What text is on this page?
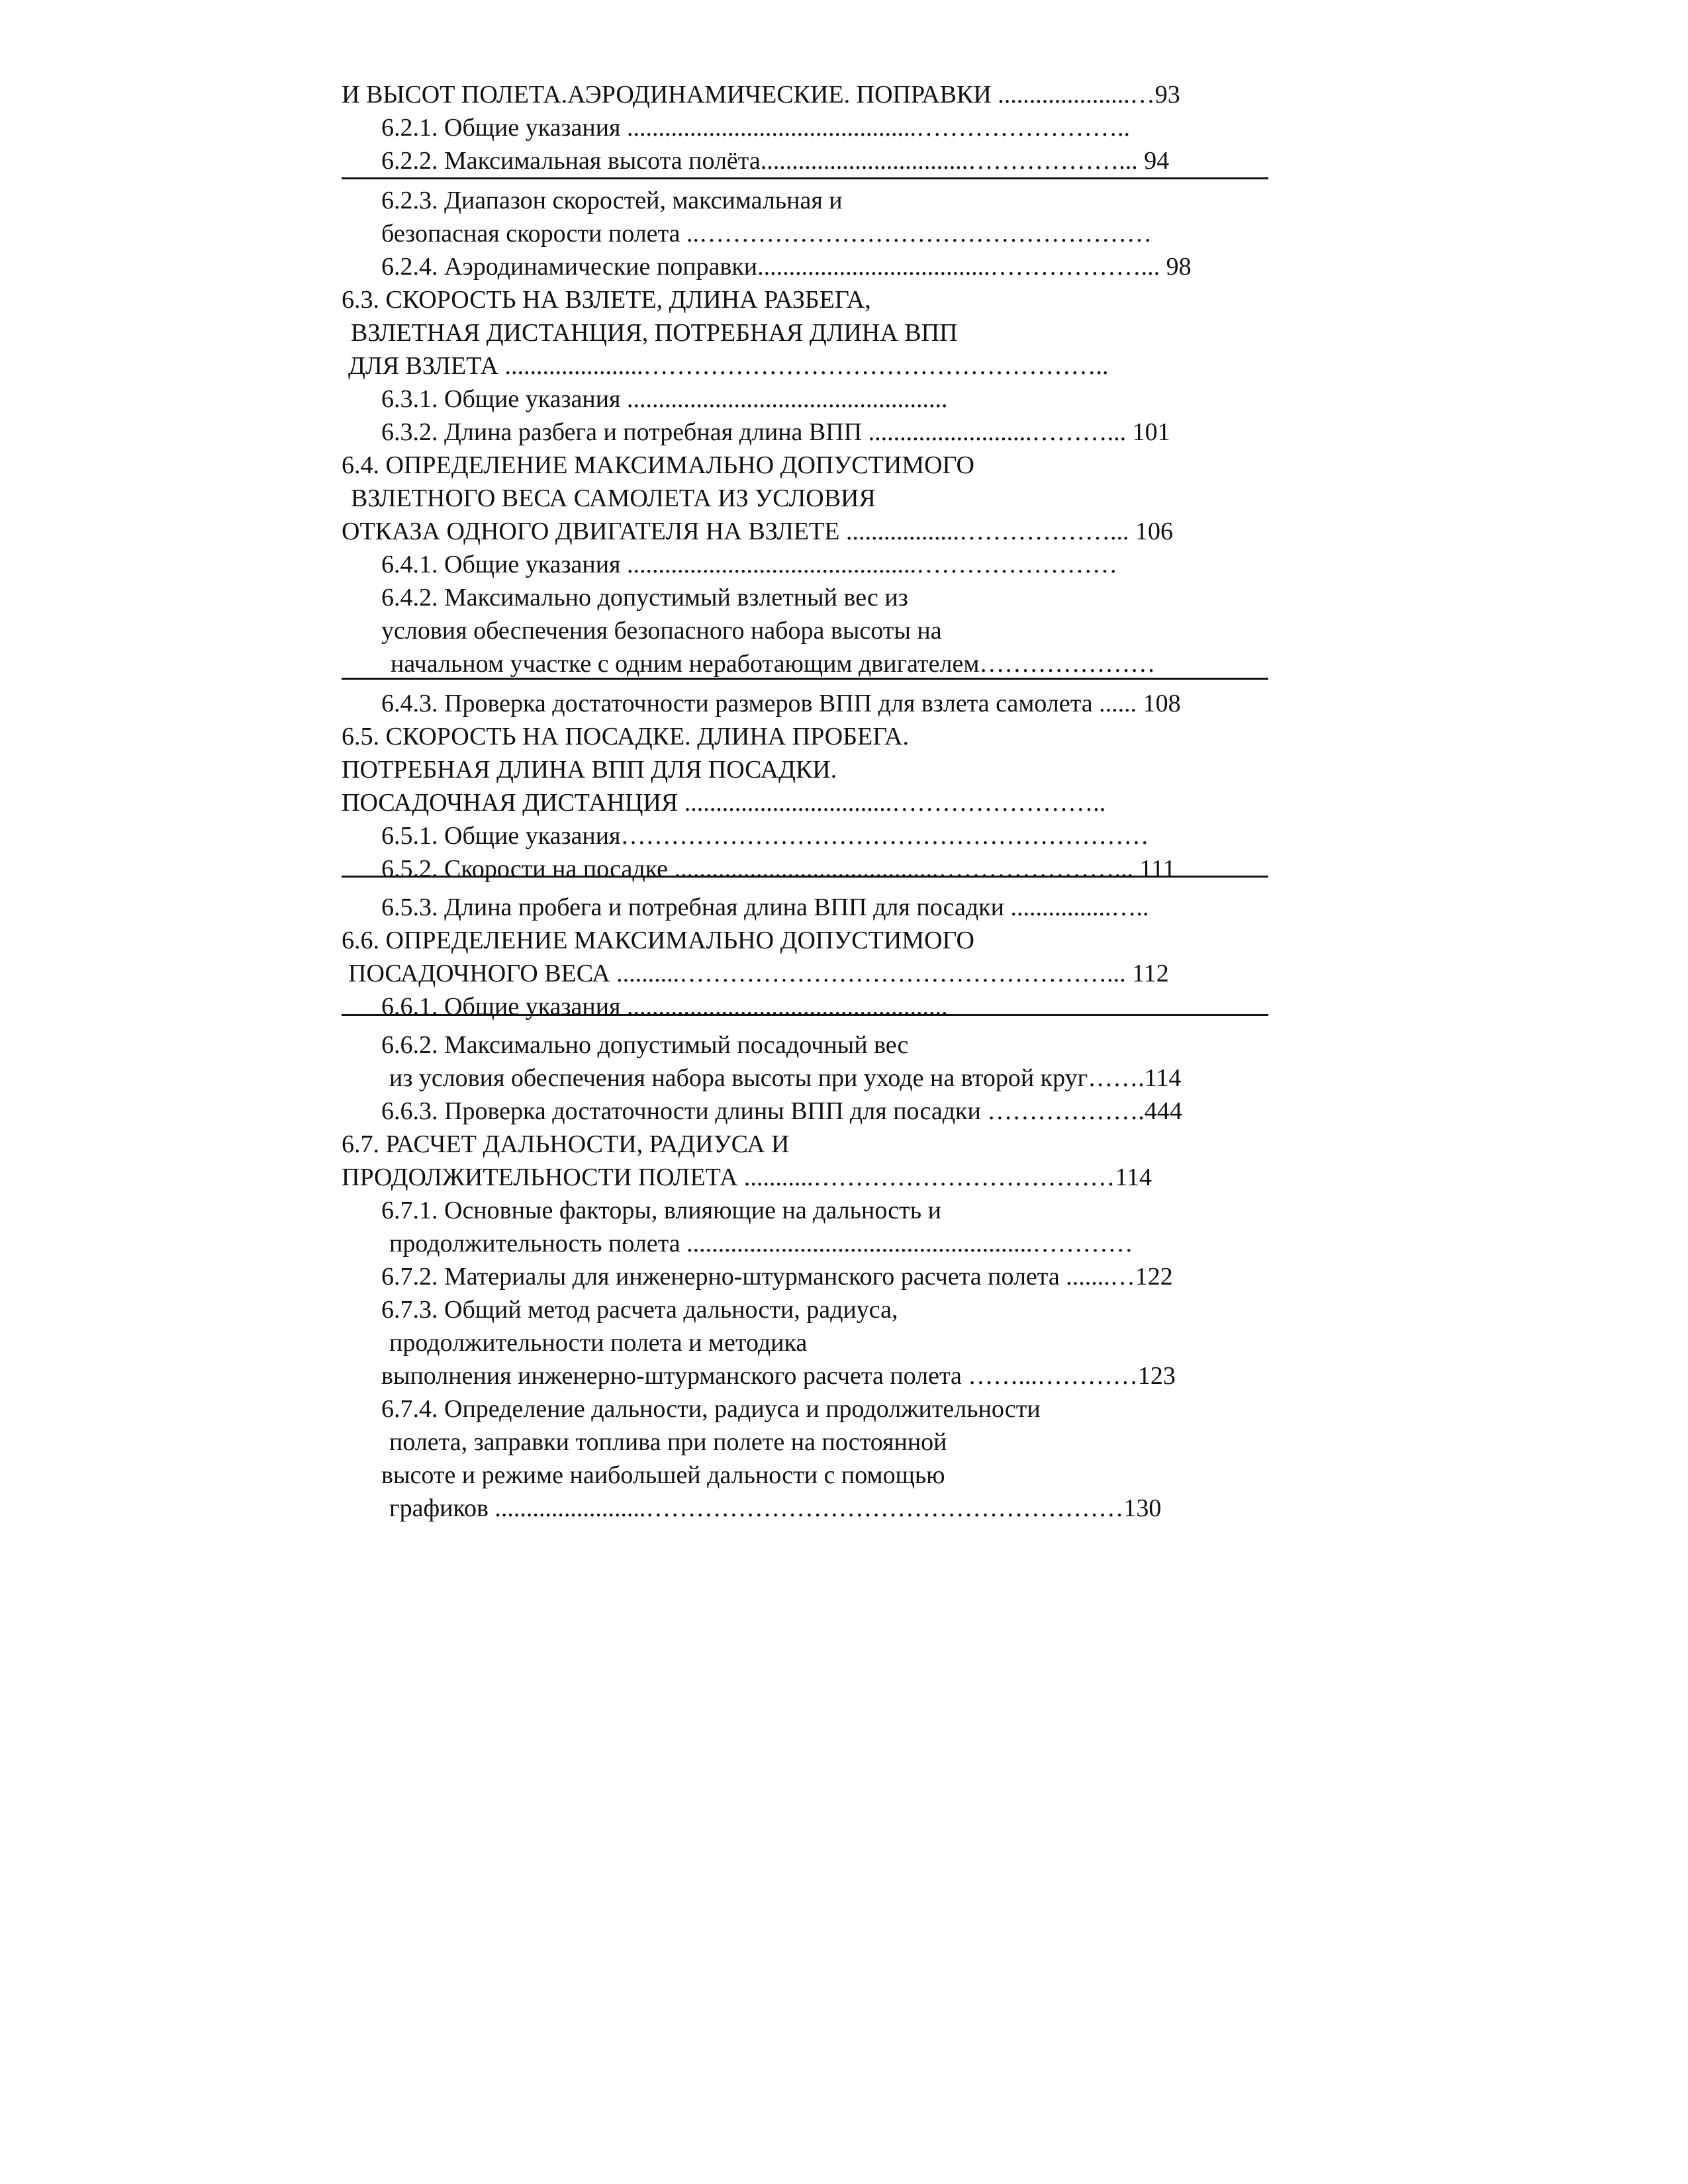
И ВЫСОТ ПОЛЕТА.АЭРОДИНАМИЧЕСКИЕ. ПОПРАВКИ .....................…93
6.2.1. Общие указания ..............................................……………………..
6.2.2. Максимальная высота полёта.................................………………... 94
6.2.3. Диапазон скоростей, максимальная и
безопасная скорости полета ..………………………………………………
6.2.4. Аэродинамические поправки.....................................………………... 98
6.3. СКОРОСТЬ НА ВЗЛЕТЕ, ДЛИНА РАЗБЕГА,
ВЗЛЕТНАЯ ДИСТАНЦИЯ, ПОТРЕБНАЯ ДЛИНА ВПП
ДЛЯ ВЗЛЕТА ......................………………………………………………..
6.3.1. Общие указания ...................................................
6.3.2. Длина разбега и потребная длина ВПП ..........................………... 101
6.4. ОПРЕДЕЛЕНИЕ МАКСИМАЛЬНО ДОПУСТИМОГО
ВЗЛЕТНОГО ВЕСА САМОЛЕТА ИЗ УСЛОВИЯ
ОТКАЗА ОДНОГО ДВИГАТЕЛЯ НА ВЗЛЕТЕ ..................………………... 106
6.4.1. Общие указания ..............................................……………………
6.4.2. Максимально допустимый взлетный вес из
условия обеспечения безопасного набора высоты на
начальном участке с одним неработающим двигателем…………………
6.4.3. Проверка достаточности размеров ВПП для взлета самолета ...... 108
6.5. СКОРОСТЬ НА ПОСАДКЕ. ДЛИНА ПРОБЕГА.
ПОТРЕБНАЯ ДЛИНА ВПП ДЛЯ ПОСАДКИ.
ПОСАДОЧНАЯ ДИСТАНЦИЯ .................................……………………..
6.5.1. Общие указания………………………………………………………
6.5.2. Скорости на посадке ..........................................…………………... 111
6.5.3. Длина пробега и потребная длина ВПП для посадки ................…..
6.6. ОПРЕДЕЛЕНИЕ МАКСИМАЛЬНО ДОПУСТИМОГО
ПОСАДОЧНОГО ВЕСА ..........……………………………………………... 112
6.6.1. Общие указания ...................................................
6.6.2. Максимально допустимый посадочный вес
из условия обеспечения набора высоты при уходе на второй круг…….114
6.6.3. Проверка достаточности длины ВПП для посадки ……………….444
6.7. РАСЧЕТ ДАЛЬНОСТИ, РАДИУСА И
ПРОДОЛЖИТЕЛЬНОСТИ ПОЛЕТА ...........………………………………114
6.7.1. Основные факторы, влияющие на дальность и
продолжительность полета .......................................................…………
6.7.2. Материалы для инженерно-штурманского расчета полета .......…122
6.7.3. Общий метод расчета дальности, радиуса,
продолжительности полета и методика
выполнения инженерно-штурманского расчета полета ……...…………123
6.7.4. Определение дальности, радиуса и продолжительности
полета, заправки топлива при полете на постоянной
высоте и режиме наибольшей дальности с помощью
графиков ........................…………………………………………………130
